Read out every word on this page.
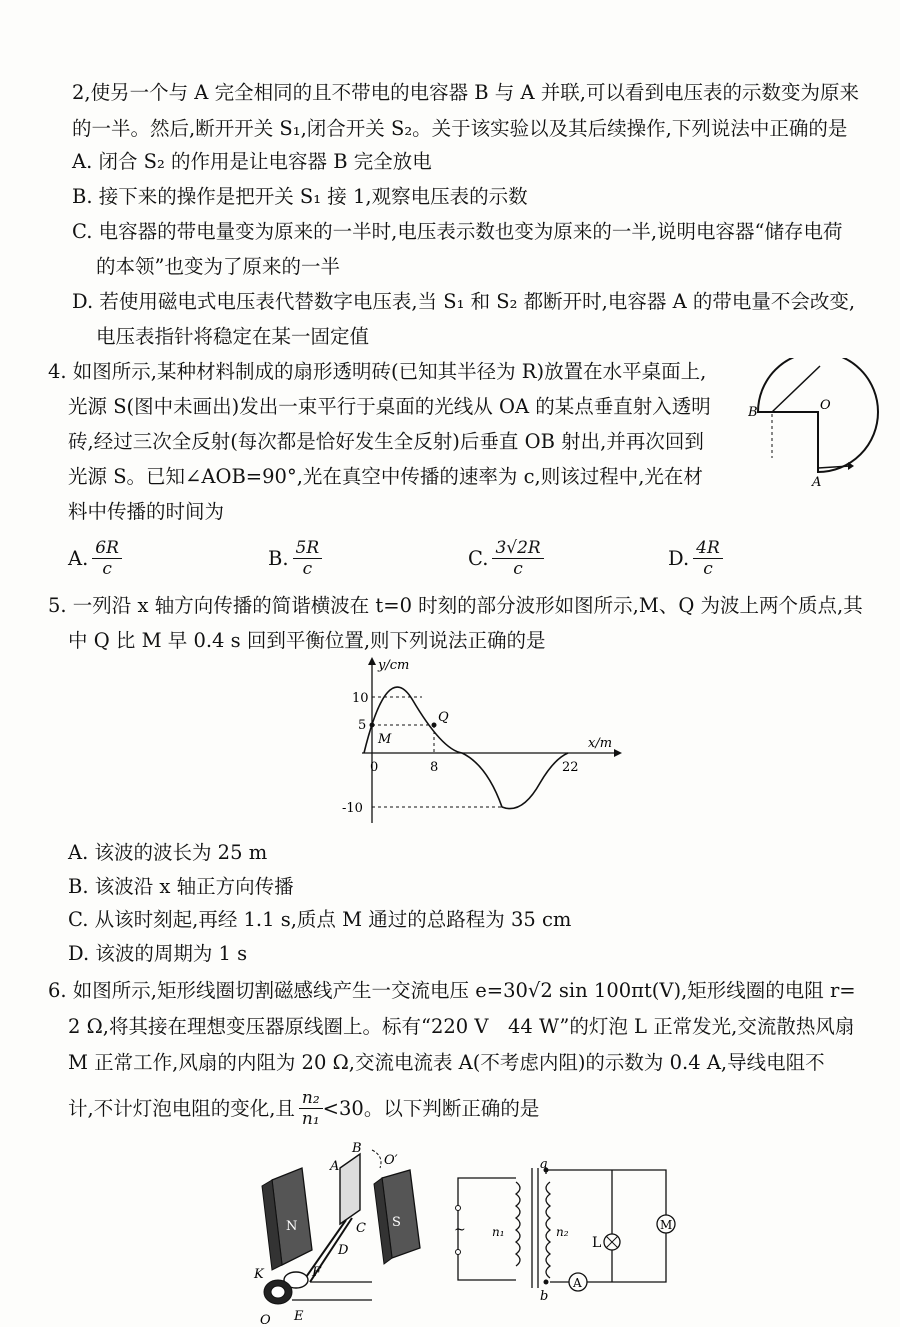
2,使另一个与 A 完全相同的且不带电的电容器 B 与 A 并联,可以看到电压表的示数变为原来
的一半。然后,断开开关 S₁,闭合开关 S₂。关于该实验以及其后续操作,下列说法中正确的是
A. 闭合 S₂ 的作用是让电容器 B 完全放电
B. 接下来的操作是把开关 S₁ 接 1,观察电压表的示数
C. 电容器的带电量变为原来的一半时,电压表示数也变为原来的一半,说明电容器“储存电荷
的本领”也变为了原来的一半
D. 若使用磁电式电压表代替数字电压表,当 S₁ 和 S₂ 都断开时,电容器 A 的带电量不会改变,
电压表指针将稳定在某一固定值
4. 如图所示,某种材料制成的扇形透明砖(已知其半径为 R)放置在水平桌面上,
光源 S(图中未画出)发出一束平行于桌面的光线从 OA 的某点垂直射入透明
砖,经过三次全反射(每次都是恰好发生全反射)后垂直 OB 射出,并再次回到
光源 S。已知∠AOB=90°,光在真空中传播的速率为 c,则该过程中,光在材
料中传播的时间为
B	O
A
A. $\frac{6R}{c}$	B. $\frac{5R}{c}$	C. $\frac{3√2R}{c}$	D. $\frac{4R}{c}$
5. 一列沿 x 轴方向传播的简谐横波在 t=0 时刻的部分波形如图所示,M、Q 为波上两个质点,其
中 Q 比 M 早 0.4 s 回到平衡位置,则下列说法正确的是
y/cm
x/m
10
5
-10
0	8	22
M
Q
A. 该波的波长为 25 m
B. 该波沿 x 轴正方向传播
C. 从该时刻起,再经 1.1 s,质点 M 通过的总路程为 35 cm
D. 该波的周期为 1 s
6. 如图所示,矩形线圈切割磁感线产生一交流电压 e=30√2 sin 100πt(V),矩形线圈的电阻 r=
2 Ω,将其接在理想变压器原线圈上。标有“220 V　44 W”的灯泡 L 正常发光,交流散热风扇
M 正常工作,风扇的内阻为 20 Ω,交流电流表 A(不考虑内阻)的示数为 0.4 A,导线电阻不
计,不计灯泡电阻的变化,且 $\frac{\text{n₂}}{\text{n₁}} <30$。以下判断正确的是
B
A	O′
N	S
C
D
K	F
E
O
~
a
b
n₁	n₂
L
M
A
